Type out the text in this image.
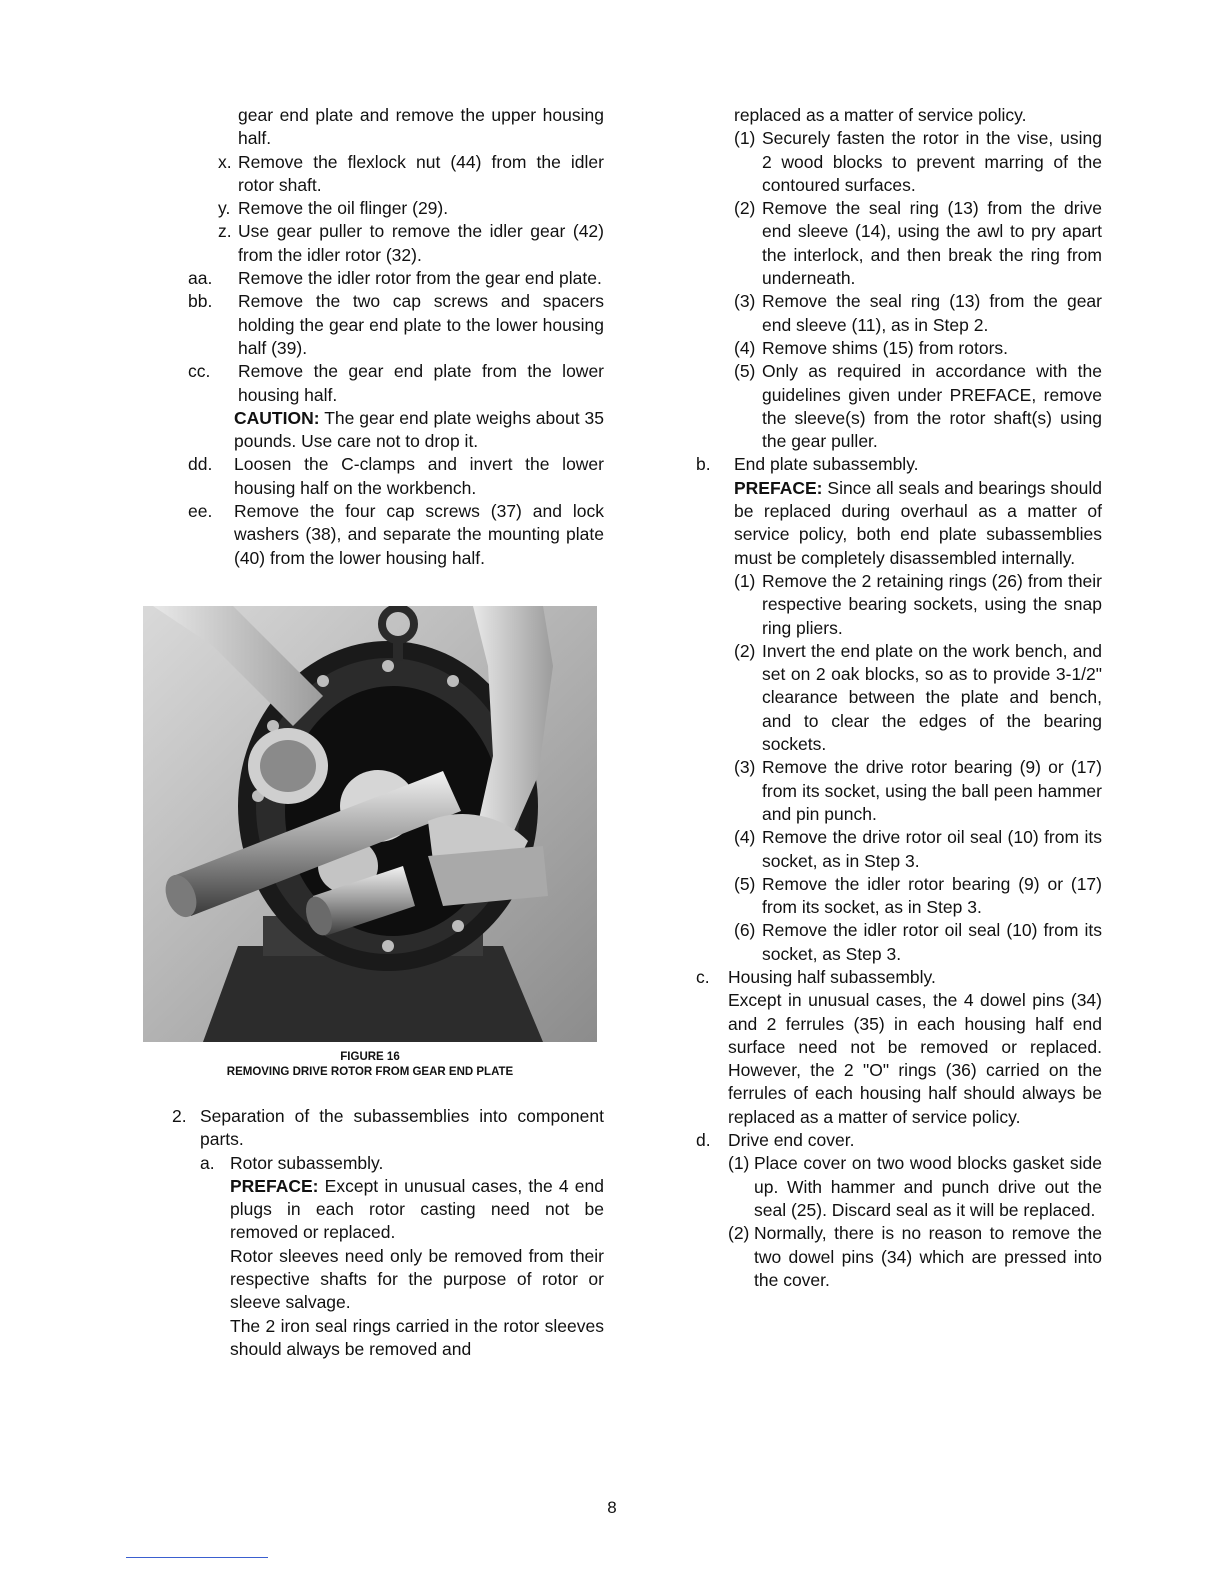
gear end plate and remove the upper housing half.
x. Remove the flexlock nut (44) from the idler rotor shaft.
y. Remove the oil flinger (29).
z. Use gear puller to remove the idler gear (42) from the idler rotor (32).
aa.	Remove the idler rotor from the gear end plate.
bb.	Remove the two cap screws and spacers holding the gear end plate to the lower housing half (39).
cc.	Remove the gear end plate from the lower housing half.
CAUTION: The gear end plate weighs about 35 pounds. Use care not to drop it.
dd.	Loosen the C-clamps and invert the lower housing half on the workbench.
ee.	Remove the four cap screws (37) and lock washers (38), and separate the mounting plate (40) from the lower housing half.
FIGURE 16
REMOVING DRIVE ROTOR FROM GEAR END PLATE
2. Separation of the subassemblies into component parts.
a. Rotor subassembly.
PREFACE: Except in unusual cases, the 4 end plugs in each rotor casting need not be removed or replaced.
Rotor sleeves need only be removed from their respective shafts for the purpose of rotor or sleeve salvage.
The 2 iron seal rings carried in the rotor sleeves should always be removed and
replaced as a matter of service policy.
(1) Securely fasten the rotor in the vise, using 2 wood blocks to prevent marring of the contoured surfaces.
(2) Remove the seal ring (13) from the drive end sleeve (14), using the awl to pry apart the interlock, and then break the ring from underneath.
(3) Remove the seal ring (13) from the gear end sleeve (11), as in Step 2.
(4) Remove shims (15) from rotors.
(5) Only as required in accordance with the guidelines given under PREFACE, remove the sleeve(s) from the rotor shaft(s) using the gear puller.
b.	End plate subassembly.
PREFACE: Since all seals and bearings should be replaced during overhaul as a matter of service policy, both end plate subassemblies must be completely disassembled internally.
(1) Remove the 2 retaining rings (26) from their respective bearing sockets, using the snap ring pliers.
(2) Invert the end plate on the work bench, and set on 2 oak blocks, so as to provide 3-1/2" clearance between the plate and bench, and to clear the edges of the bearing sockets.
(3) Remove the drive rotor bearing (9) or (17) from its socket, using the ball peen hammer and pin punch.
(4) Remove the drive rotor oil seal (10) from its socket, as in Step 3.
(5) Remove the idler rotor bearing (9) or (17) from its socket, as in Step 3.
(6) Remove the idler rotor oil seal (10) from its socket, as Step 3.
c.	Housing half subassembly.
Except in unusual cases, the 4 dowel pins (34) and 2 ferrules (35) in each housing half end surface need not be removed or replaced. However, the 2 "O" rings (36) carried on the ferrules of each housing half should always be replaced as a matter of service policy.
d. Drive end cover.
(1) Place cover on two wood blocks gasket side up. With hammer and punch drive out the seal (25). Discard seal as it will be replaced.
(2) Normally, there is no reason to remove the two dowel pins (34) which are pressed into the cover.
8
